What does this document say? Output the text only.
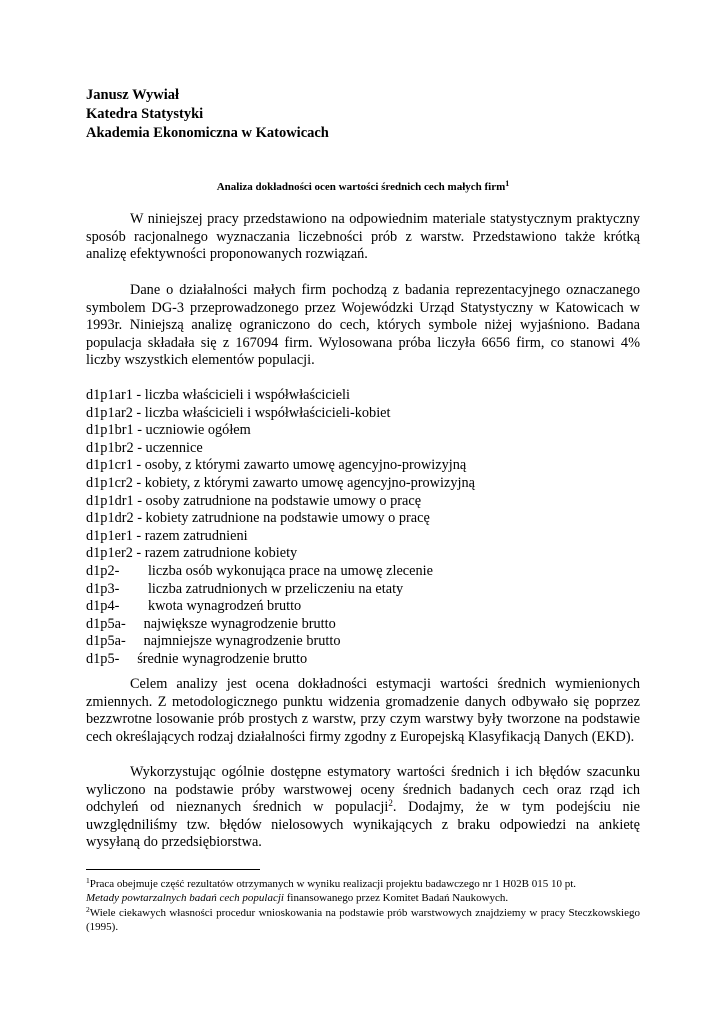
Janusz Wywiał
Katedra Statystyki
Akademia Ekonomiczna w Katowicach
Analiza dokładności ocen wartości średnich cech małych firm$^1$
W niniejszej pracy przedstawiono na odpowiednim materiale statystycznym praktyczny sposób racjonalnego wyznaczania liczebności prób z warstw. Przedstawiono także krótką analizę efektywności proponowanych rozwiązań.
Dane o działalności małych firm pochodzą z badania reprezentacyjnego oznaczanego symbolem DG-3 przeprowadzonego przez Wojewódzki Urząd Statystyczny w Katowicach w 1993r. Niniejszą analizę ograniczono do cech, których symbole niżej wyjaśniono. Badana populacja składała się z 167094 firm. Wylosowana próba liczyła 6656 firm, co stanowi 4% liczby wszystkich elementów populacji.
d1p1ar1 - liczba właścicieli i współwłaścicieli
d1p1ar2 - liczba właścicieli i współwłaścicieli-kobiet
d1p1br1 - uczniowie ogółem
d1p1br2 - uczennice
d1p1cr1 - osoby, z którymi zawarto umowę agencyjno-prowizyjną
d1p1cr2 - kobiety, z którymi zawarto umowę agencyjno-prowizyjną
d1p1dr1 - osoby zatrudnione na podstawie umowy o pracę
d1p1dr2 - kobiety zatrudnione na podstawie umowy o pracę
d1p1er1 - razem zatrudnieni
d1p1er2 - razem zatrudnione kobiety
d1p2-        liczba osób wykonująca prace na umowę zlecenie
d1p3-        liczba zatrudnionych w przeliczeniu na etaty
d1p4-        kwota wynagrodzeń brutto
d1p5a-     największe wynagrodzenie brutto
d1p5a-     najmniejsze wynagrodzenie brutto
d1p5-     średnie wynagrodzenie brutto
Celem analizy jest ocena dokładności estymacji wartości średnich wymienionych zmiennych. Z metodologicznego punktu widzenia gromadzenie danych odbywało się poprzez bezzwrotne losowanie prób prostych z warstw, przy czym warstwy były tworzone na podstawie cech określających rodzaj działalności firmy zgodny z Europejską Klasyfikacją Danych (EKD).
Wykorzystując ogólnie dostępne estymatory wartości średnich i ich błędów szacunku wyliczono na podstawie próby warstwowej oceny średnich badanych cech oraz rząd ich odchyleń od nieznanych średnich w populacji$^2$. Dodajmy, że w tym podejściu nie uwzględniliśmy tzw. błędów nielosowych wynikających z braku odpowiedzi na ankietę wysyłaną do przedsiębiorstwa.
$^1$Praca obejmuje część rezultatów otrzymanych w wyniku realizacji projektu badawczego nr 1 H02B 015 10 pt.
Metady powtarzalnych badań cech populacji finansowanego przez Komitet Badań Naukowych.
$^2$Wiele ciekawych własności procedur wnioskowania na podstawie prób warstwowych znajdziemy w pracy Steczkowskiego (1995).
